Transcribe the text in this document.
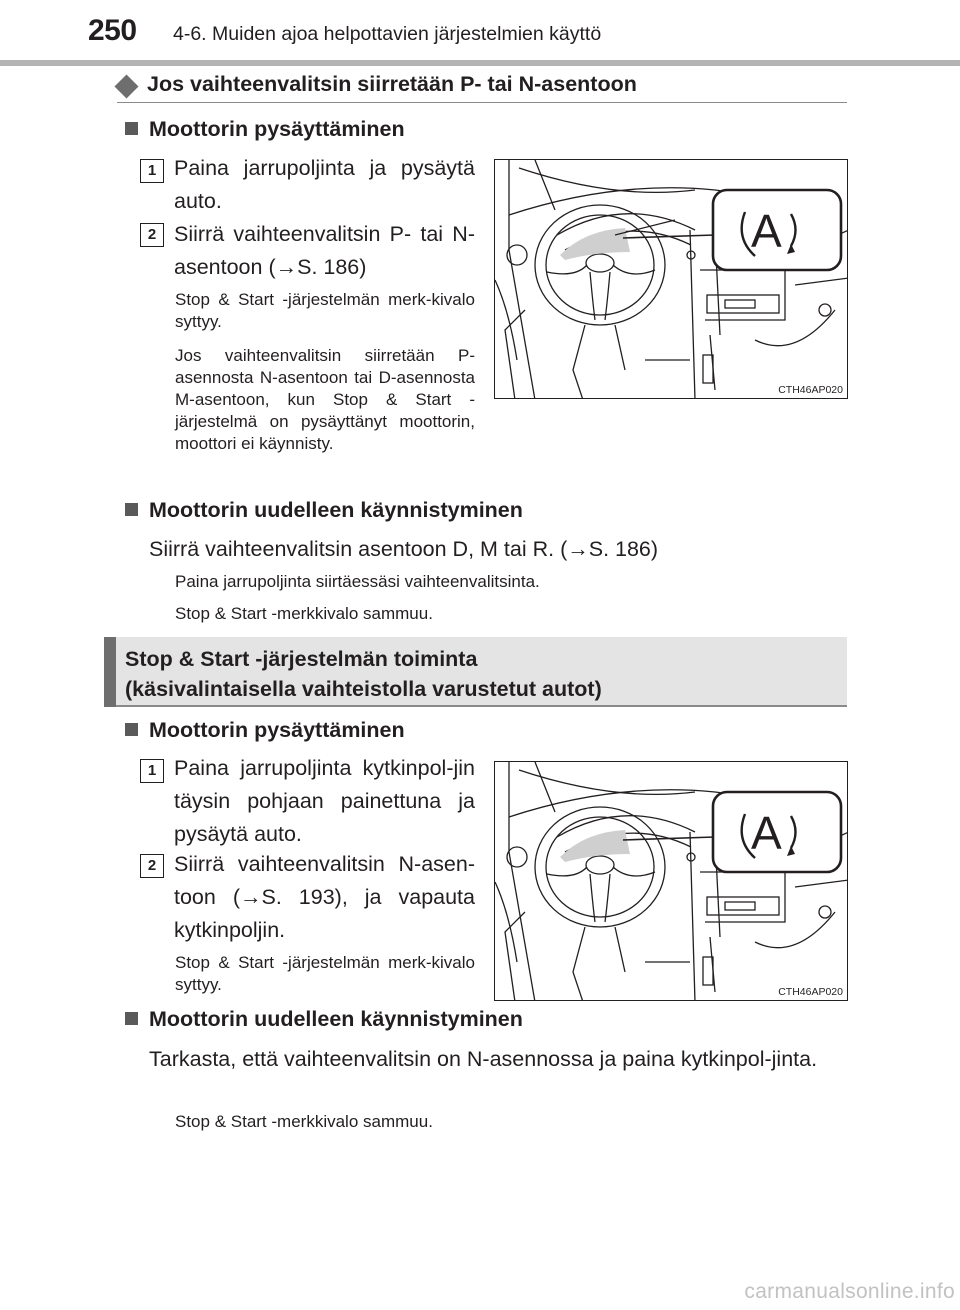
250 4-6. Muiden ajoa helpottavien järjestelmien käyttö
Jos vaihteenvalitsin siirretään P- tai N-asentoon
Moottorin pysäyttäminen
1 Paina jarrupoljinta ja pysäytä auto.
2 Siirrä vaihteenvalitsin P- tai N-asentoon (→S. 186)
Stop & Start -järjestelmän merk-kivalo syttyy.
Jos vaihteenvalitsin siirretään P-asennosta N-asentoon tai D-asennosta M-asentoon, kun Stop & Start -järjestelmä on pysäyttänyt moottorin, moottori ei käynnisty.
A
CTH46AP020
Moottorin uudelleen käynnistyminen
Siirrä vaihteenvalitsin asentoon D, M tai R. (→S. 186)
Paina jarrupoljinta siirtäessäsi vaihteenvalitsinta.
Stop & Start -merkkivalo sammuu.
Stop & Start -järjestelmän toiminta
(käsivalintaisella vaihteistolla varustetut autot)
Moottorin pysäyttäminen
1 Paina jarrupoljinta kytkinpol-jin täysin pohjaan painettuna ja pysäytä auto.
2 Siirrä vaihteenvalitsin N-asen-toon (→S. 193), ja vapauta kytkinpoljin.
Stop & Start -järjestelmän merk-kivalo syttyy.
A
CTH46AP020
Moottorin uudelleen käynnistyminen
Tarkasta, että vaihteenvalitsin on N-asennossa ja paina kytkinpol-jinta.
Stop & Start -merkkivalo sammuu.
carmanualsonline.info
